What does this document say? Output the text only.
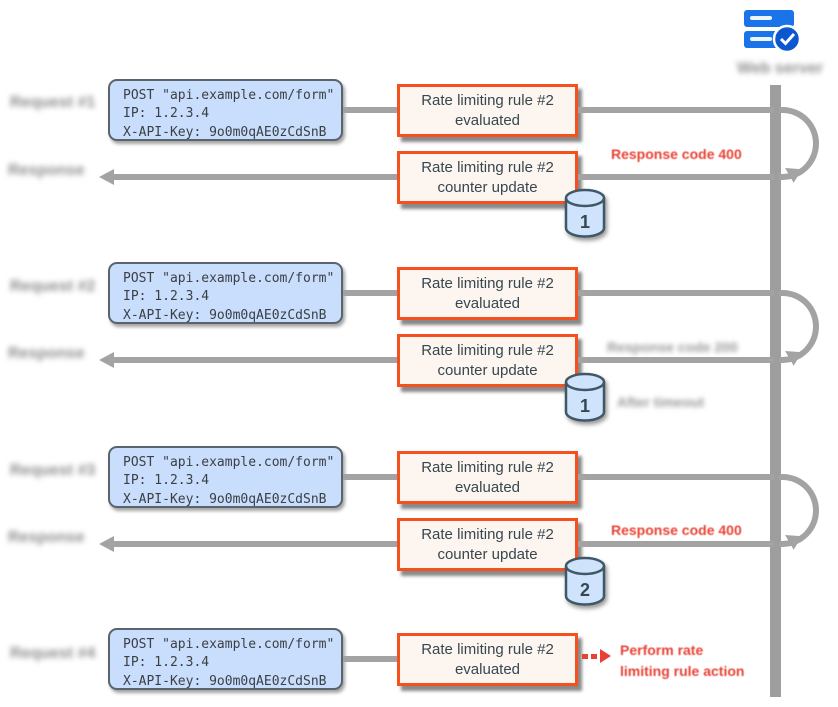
Web server
Request #1	POST "api.example.com/form"
IP: 1.2.3.4
X-API-Key: 9o0m0qAE0zCdSnB
Rate limiting rule #2
evaluated
Response	Rate limiting rule #2
counter update
Response code 400
1
Request #2	POST "api.example.com/form"
IP: 1.2.3.4
X-API-Key: 9o0m0qAE0zCdSnB
Rate limiting rule #2
evaluated
Response	Rate limiting rule #2
counter update
Response code 200
1 After timeout
Request #3	POST "api.example.com/form"
IP: 1.2.3.4
X-API-Key: 9o0m0qAE0zCdSnB
Rate limiting rule #2
evaluated
Response	Rate limiting rule #2
counter update
Response code 400
2
Request #4
POST "api.example.com/form"
IP: 1.2.3.4
X-API-Key: 9o0m0qAE0zCdSnB
Rate limiting rule #2
evaluated
Perform rate
limiting rule action
